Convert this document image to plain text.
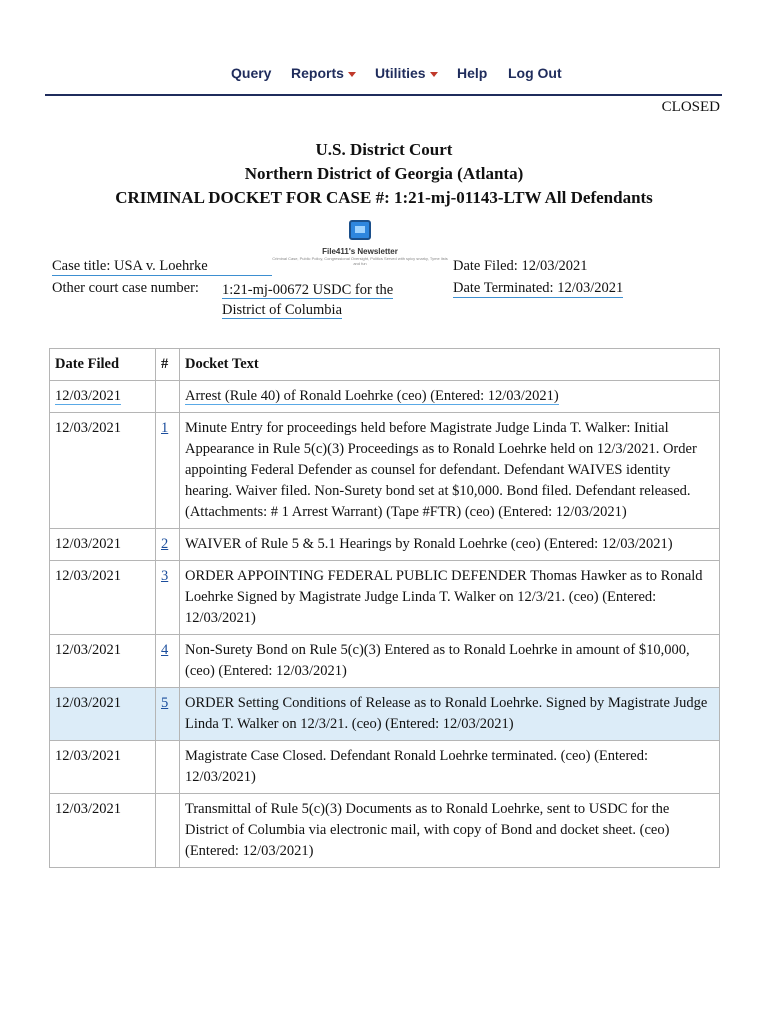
Query Reports	Utilities	Help Log Out
CLOSED
U.S. District Court
Northern District of Georgia (Atlanta)
CRIMINAL DOCKET FOR CASE #: 1:21-mj-01143-LTW All Defendants
File411's Newsletter
Criminal Case, Public Policy, Congressional Oversight, Politics Served with spicy snarky, Tyme lists and fun
Case title: USA v. Loehrke
Other court case number: 1:21-mj-00672 USDC for the
District of Columbia
Date Filed: 12/03/2021
Date Terminated: 12/03/2021
Date Filed	#	Docket Text
12/03/2021		Arrest (Rule 40) of Ronald Loehrke (ceo) (Entered: 12/03/2021)
12/03/2021	1	Minute Entry for proceedings held before Magistrate Judge Linda T. Walker: Initial Appearance in Rule 5(c)(3) Proceedings as to Ronald Loehrke held on 12/3/2021. Order appointing Federal Defender as counsel for defendant. Defendant WAIVES identity hearing. Waiver filed. Non-Surety bond set at $10,000. Bond filed. Defendant released. (Attachments: # 1 Arrest Warrant) (Tape #FTR) (ceo) (Entered: 12/03/2021)
12/03/2021	2	WAIVER of Rule 5 & 5.1 Hearings by Ronald Loehrke (ceo) (Entered: 12/03/2021)
12/03/2021	3	ORDER APPOINTING FEDERAL PUBLIC DEFENDER Thomas Hawker as to Ronald Loehrke Signed by Magistrate Judge Linda T. Walker on 12/3/21. (ceo) (Entered: 12/03/2021)
12/03/2021	4	Non-Surety Bond on Rule 5(c)(3) Entered as to Ronald Loehrke in amount of $10,000, (ceo) (Entered: 12/03/2021)
12/03/2021	5	ORDER Setting Conditions of Release as to Ronald Loehrke. Signed by Magistrate Judge Linda T. Walker on 12/3/21. (ceo) (Entered: 12/03/2021)
12/03/2021		Magistrate Case Closed. Defendant Ronald Loehrke terminated. (ceo) (Entered: 12/03/2021)
12/03/2021		Transmittal of Rule 5(c)(3) Documents as to Ronald Loehrke, sent to USDC for the District of Columbia via electronic mail, with copy of Bond and docket sheet. (ceo) (Entered: 12/03/2021)
